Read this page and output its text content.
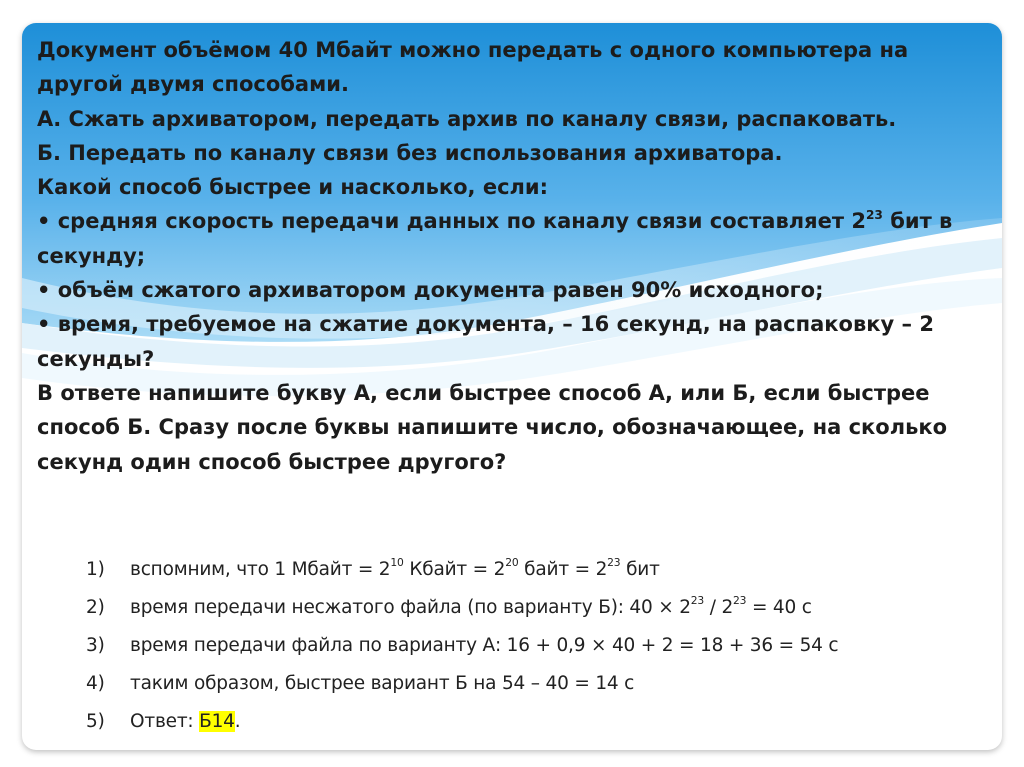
Документ объёмом 40 Мбайт можно передать с одного компьютера на другой двумя способами.

А. Сжать архиватором, передать архив по каналу связи, распаковать.

Б. Передать по каналу связи без использования архиватора.

Какой способ быстрее и насколько, если:

• средняя скорость передачи данных по каналу связи составляет $2^{23}$ бит в секунду;

• объём сжатого архиватором документа равен 90% исходного;

• время, требуемое на сжатие документа, – 16 секунд, на распаковку – 2 секунды?

В ответе напишите букву А, если быстрее способ А, или Б, если быстрее способ Б. Сразу после буквы напишите число, обозначающее, на сколько секунд один способ быстрее другого?

1)	вспомним, что 1 Мбайт = $2^{10}$ Кбайт = $2^{20}$ байт = $2^{23}$ бит
2)	время передачи несжатого файла (по варианту Б): $40 \times 2^{23} / 2^{23} = 40$ с
3)	время передачи файла по варианту А: 16 + 0,9 × 40 + 2 = 18 + 36 = 54 с
4)	таким образом, быстрее вариант Б на 54 – 40 = 14 с
5)	Ответ: Б14.
